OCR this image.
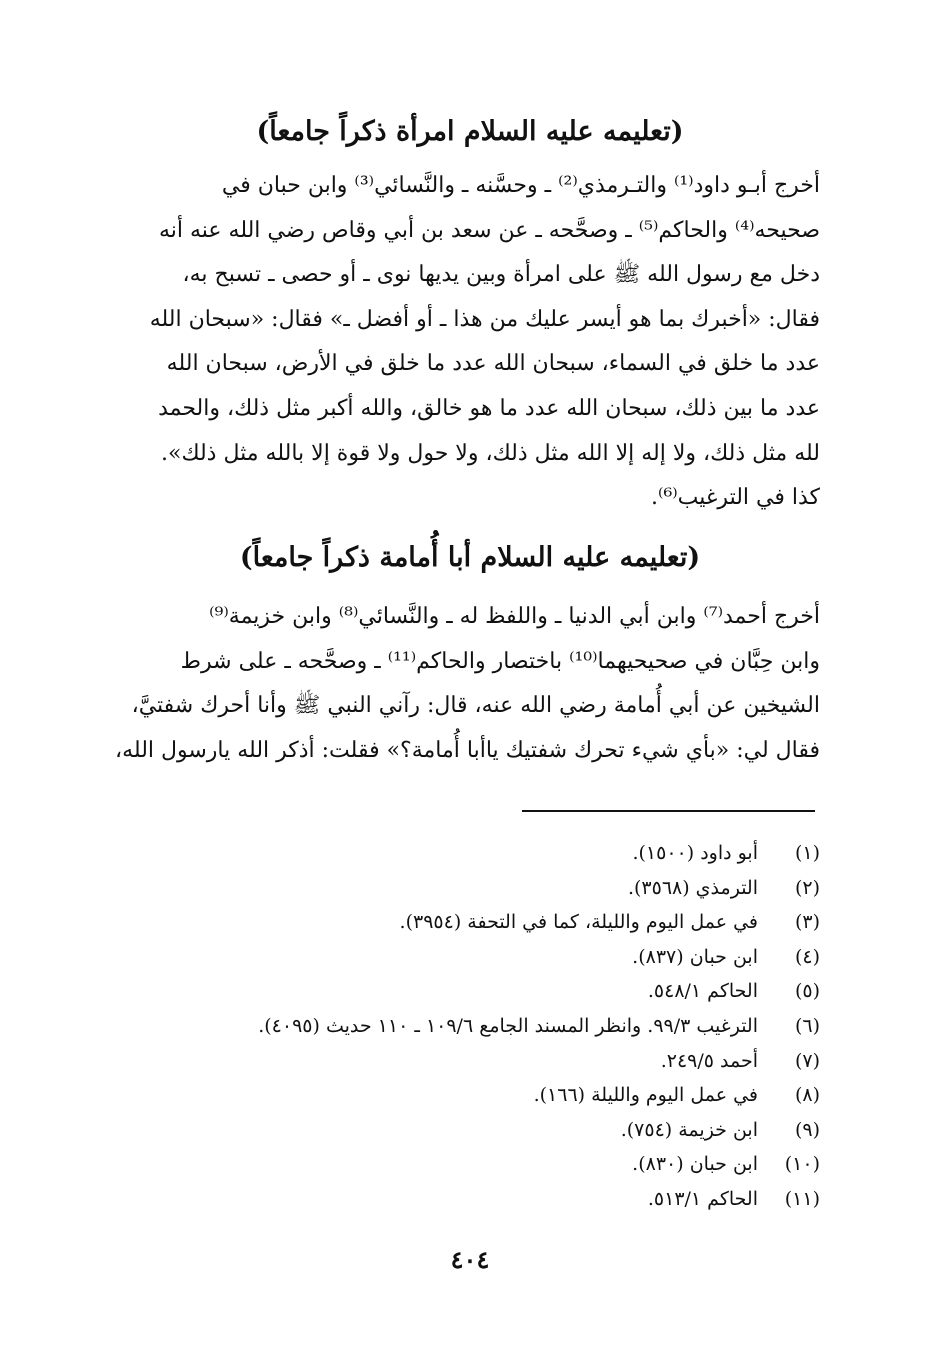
(تعليمه عليه السلام امرأة ذكراً جامعاً)
أخرج أبـو داود⁽¹⁾ والتـرمذي⁽²⁾ ـ وحسَّنه ـ والنَّسائي⁽³⁾ وابن حبان في
صحيحه⁽⁴⁾ والحاكم⁽⁵⁾ ـ وصحَّحه ـ عن سعد بن أبي وقاص رضي الله عنه أنه
دخل مع رسول الله ﷺ على امرأة وبين يديها نوى ـ أو حصى ـ تسبح به،
فقال: «أخبرك بما هو أيسر عليك من هذا ـ أو أفضل ـ» فقال: «سبحان الله
عدد ما خلق في السماء، سبحان الله عدد ما خلق في الأرض، سبحان الله
عدد ما بين ذلك، سبحان الله عدد ما هو خالق، والله أكبر مثل ذلك، والحمد
لله مثل ذلك، ولا إله إلا الله مثل ذلك، ولا حول ولا قوة إلا بالله مثل ذلك».
كذا في الترغيب⁽⁶⁾.
(تعليمه عليه السلام أبا أُمامة ذكراً جامعاً)
أخرج أحمد⁽⁷⁾ وابن أبي الدنيا ـ واللفظ له ـ والنَّسائي⁽⁸⁾ وابن خزيمة⁽⁹⁾
وابن حِبَّان في صحيحيهما⁽¹⁰⁾ باختصار والحاكم⁽¹¹⁾ ـ وصحَّحه ـ على شرط
الشيخين عن أبي أُمامة رضي الله عنه، قال: رآني النبي ﷺ وأنا أحرك شفتيَّ،
فقال لي: «بأي شيء تحرك شفتيك ياأبا أُمامة؟» فقلت: أذكر الله يارسول الله،
(١)
أبو داود (١٥٠٠).
(٢)
الترمذي (٣٥٦٨).
(٣)
في عمل اليوم والليلة، كما في التحفة (٣٩٥٤).
(٤)
ابن حبان (٨٣٧).
(٥)
الحاكم ٥٤٨/١.
(٦)
الترغيب ٩٩/٣. وانظر المسند الجامع ١٠٩/٦ ـ ١١٠ حديث (٤٠٩٥).
(٧)
أحمد ٢٤٩/٥.
(٨)
في عمل اليوم والليلة (١٦٦).
(٩)
ابن خزيمة (٧٥٤).
(١٠)
ابن حبان (٨٣٠).
(١١)
الحاكم ٥١٣/١.
٤٠٤
